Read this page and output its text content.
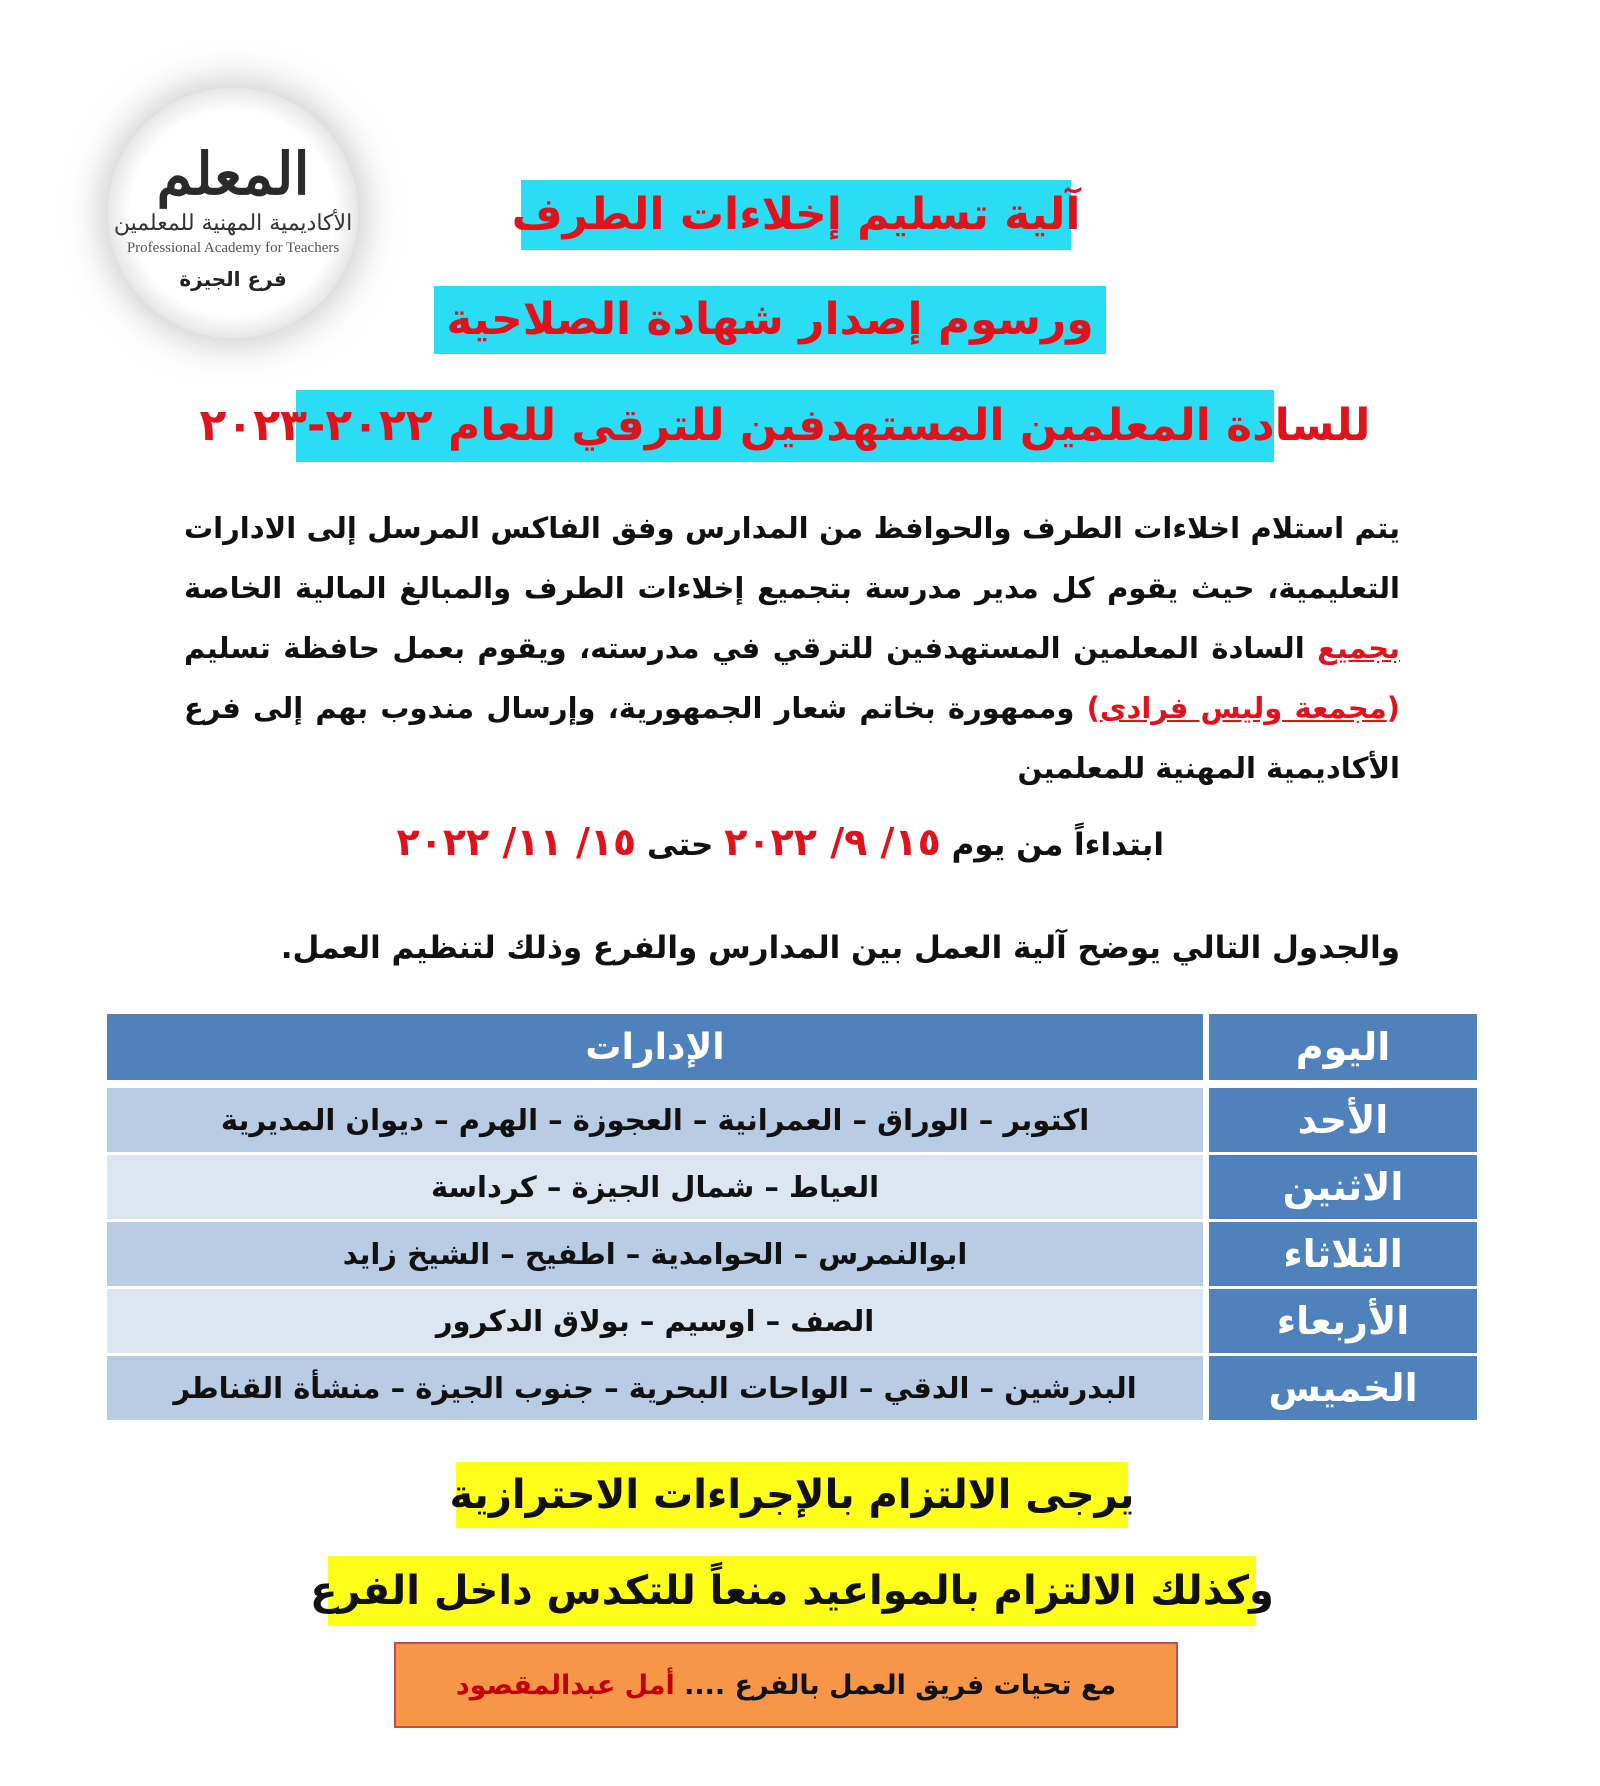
المعلم
الأكاديمية المهنية للمعلمين
Professional Academy for Teachers
فرع الجيزة
آلية تسليم إخلاءات الطرف
ورسوم إصدار شهادة الصلاحية
للسادة المعلمين المستهدفين للترقي للعام ٢٠٢٢-٢٠٢٣
يتم استلام اخلاءات الطرف والحوافظ من المدارس وفق الفاكس المرسل إلى الادارات التعليمية، حيث يقوم كل مدير مدرسة بتجميع إخلاءات الطرف والمبالغ المالية الخاصة بجميع السادة المعلمين المستهدفين للترقي في مدرسته، ويقوم بعمل حافظة تسليم (مجمعة وليس فرادى) وممهورة بخاتم شعار الجمهورية، وإرسال مندوب بهم إلى فرع الأكاديمية المهنية للمعلمين
ابتداءاً من يوم ١٥/ ٩/ ٢٠٢٢ حتى ١٥/ ١١/ ٢٠٢٢
والجدول التالي يوضح آلية العمل بين المدارس والفرع وذلك لتنظيم العمل.
اليوم
الإدارات
الأحد
اكتوبر – الوراق – العمرانية – العجوزة – الهرم – ديوان المديرية
الاثنين
العياط – شمال الجيزة – كرداسة
الثلاثاء
ابوالنمرس – الحوامدية – اطفيح – الشيخ زايد
الأربعاء
الصف – اوسيم – بولاق الدكرور
الخميس
البدرشين – الدقي – الواحات البحرية – جنوب الجيزة – منشأة القناطر
يرجى الالتزام بالإجراءات الاحترازية
وكذلك الالتزام بالمواعيد منعاً للتكدس داخل الفرع
مع تحيات فريق العمل بالفرع ....

أمل عبدالمقصود
